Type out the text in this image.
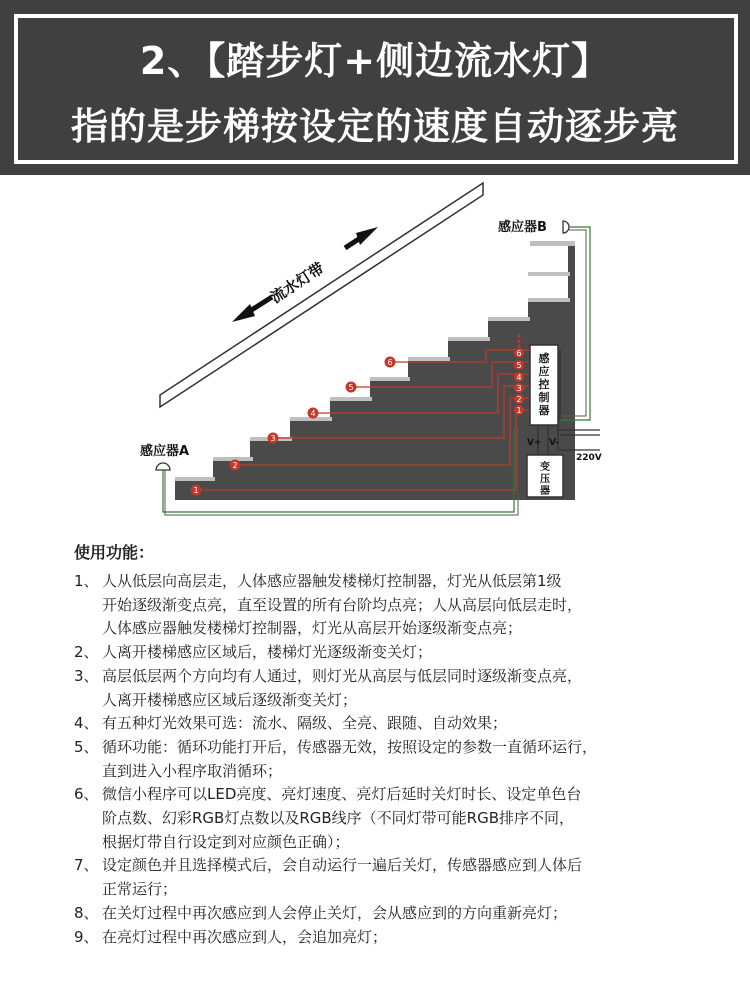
2、【踏步灯+侧边流水灯】
指的是步梯按设定的速度自动逐步亮
流水灯带
1
2
3
4
5
6
6
5
4
3
2
1
感
应
控
制
器
V+ V-
220V
变
压
器
感应器A
感应器B
使用功能：
1、 人从低层向高层走，人体感应器触发楼梯灯控制器，灯光从低层第1级
开始逐级渐变点亮，直至设置的所有台阶均点亮；人从高层向低层走时，
人体感应器触发楼梯灯控制器，灯光从高层开始逐级渐变点亮；
2、 人离开楼梯感应区域后，楼梯灯光逐级渐变关灯；
3、 高层低层两个方向均有人通过，则灯光从高层与低层同时逐级渐变点亮，
人离开楼梯感应区域后逐级渐变关灯；
4、 有五种灯光效果可选：流水、隔级、全亮、跟随、自动效果；
5、 循环功能：循环功能打开后，传感器无效，按照设定的参数一直循环运行，
直到进入小程序取消循环；
6、 微信小程序可以LED亮度、亮灯速度、亮灯后延时关灯时长、设定单色台
阶点数、幻彩RGB灯点数以及RGB线序（不同灯带可能RGB排序不同，
根据灯带自行设定到对应颜色正确）；
7、 设定颜色并且选择模式后，会自动运行一遍后关灯，传感器感应到人体后
正常运行；
8、 在关灯过程中再次感应到人会停止关灯，会从感应到的方向重新亮灯；
9、 在亮灯过程中再次感应到人，会追加亮灯；
